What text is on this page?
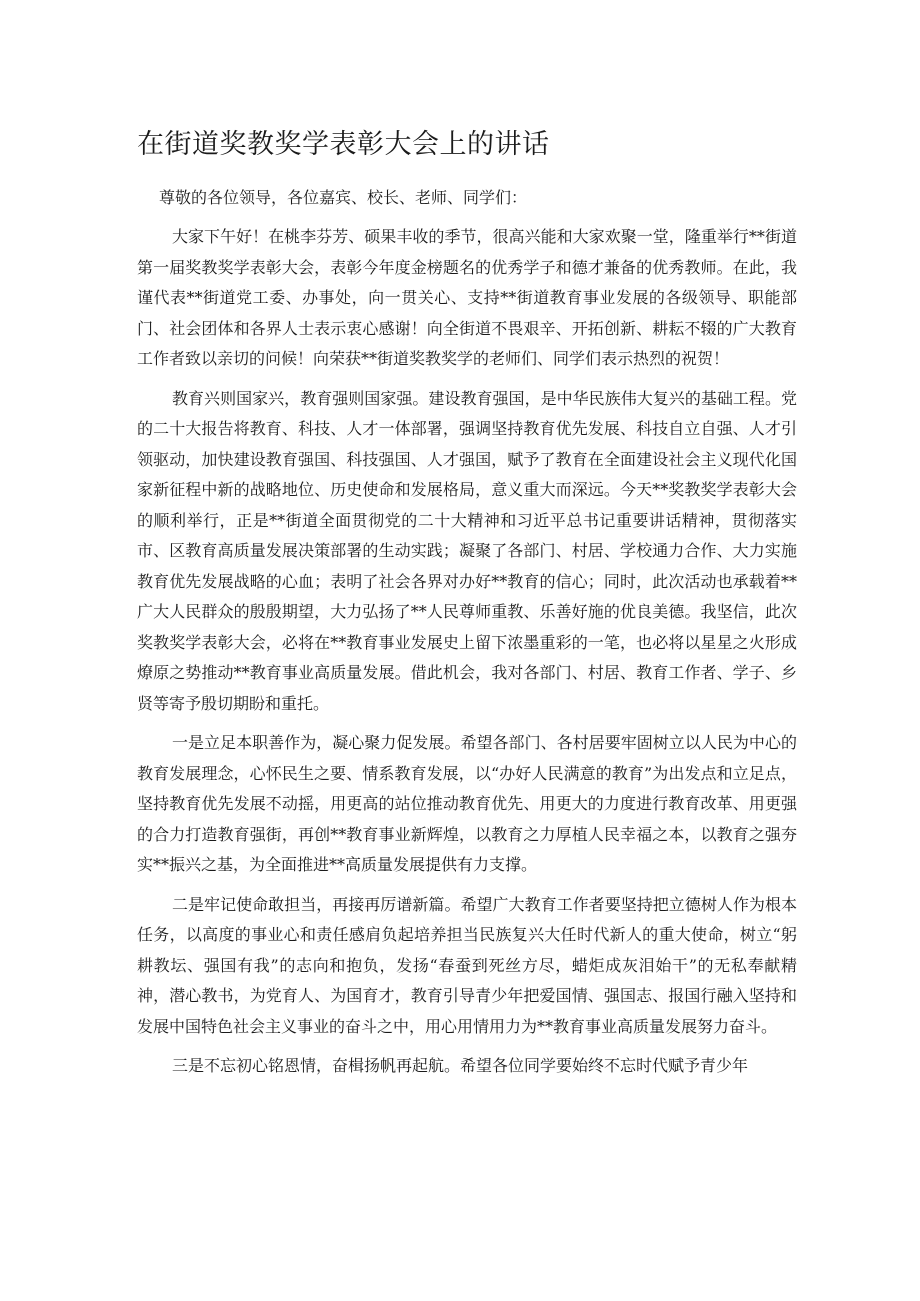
在街道奖教奖学表彰大会上的讲话

尊敬的各位领导，各位嘉宾、校长、老师、同学们：

大家下午好！在桃李芬芳、硕果丰收的季节，很高兴能和大家欢聚一堂，隆重举行**街道第一届奖教奖学表彰大会，表彰今年度金榜题名的优秀学子和德才兼备的优秀教师。在此，我谨代表**街道党工委、办事处，向一贯关心、支持**街道教育事业发展的各级领导、职能部门、社会团体和各界人士表示衷心感谢！向全街道不畏艰辛、开拓创新、耕耘不辍的广大教育工作者致以亲切的问候！向荣获**街道奖教奖学的老师们、同学们表示热烈的祝贺！

教育兴则国家兴，教育强则国家强。建设教育强国，是中华民族伟大复兴的基础工程。党的二十大报告将教育、科技、人才一体部署，强调坚持教育优先发展、科技自立自强、人才引领驱动，加快建设教育强国、科技强国、人才强国，赋予了教育在全面建设社会主义现代化国家新征程中新的战略地位、历史使命和发展格局，意义重大而深远。今天**奖教奖学表彰大会的顺利举行，正是**街道全面贯彻党的二十大精神和习近平总书记重要讲话精神，贯彻落实市、区教育高质量发展决策部署的生动实践；凝聚了各部门、村居、学校通力合作、大力实施教育优先发展战略的心血；表明了社会各界对办好**教育的信心；同时，此次活动也承载着**广大人民群众的殷殷期望，大力弘扬了**人民尊师重教、乐善好施的优良美德。我坚信，此次奖教奖学表彰大会，必将在**教育事业发展史上留下浓墨重彩的一笔，也必将以星星之火形成燎原之势推动**教育事业高质量发展。借此机会，我对各部门、村居、教育工作者、学子、乡贤等寄予殷切期盼和重托。

一是立足本职善作为，凝心聚力促发展。希望各部门、各村居要牢固树立以人民为中心的教育发展理念，心怀民生之要、情系教育发展，以“办好人民满意的教育”为出发点和立足点，坚持教育优先发展不动摇，用更高的站位推动教育优先、用更大的力度进行教育改革、用更强的合力打造教育强街，再创**教育事业新辉煌，以教育之力厚植人民幸福之本，以教育之强夯实**振兴之基，为全面推进**高质量发展提供有力支撑。

二是牢记使命敢担当，再接再厉谱新篇。希望广大教育工作者要坚持把立德树人作为根本任务，以高度的事业心和责任感肩负起培养担当民族复兴大任时代新人的重大使命，树立“躬耕教坛、强国有我”的志向和抱负，发扬“春蚕到死丝方尽，蜡炬成灰泪始干”的无私奉献精神，潜心教书，为党育人、为国育才，教育引导青少年把爱国情、强国志、报国行融入坚持和发展中国特色社会主义事业的奋斗之中，用心用情用力为**教育事业高质量发展努力奋斗。

三是不忘初心铭恩情，奋楫扬帆再起航。希望各位同学要始终不忘时代赋予青少年
